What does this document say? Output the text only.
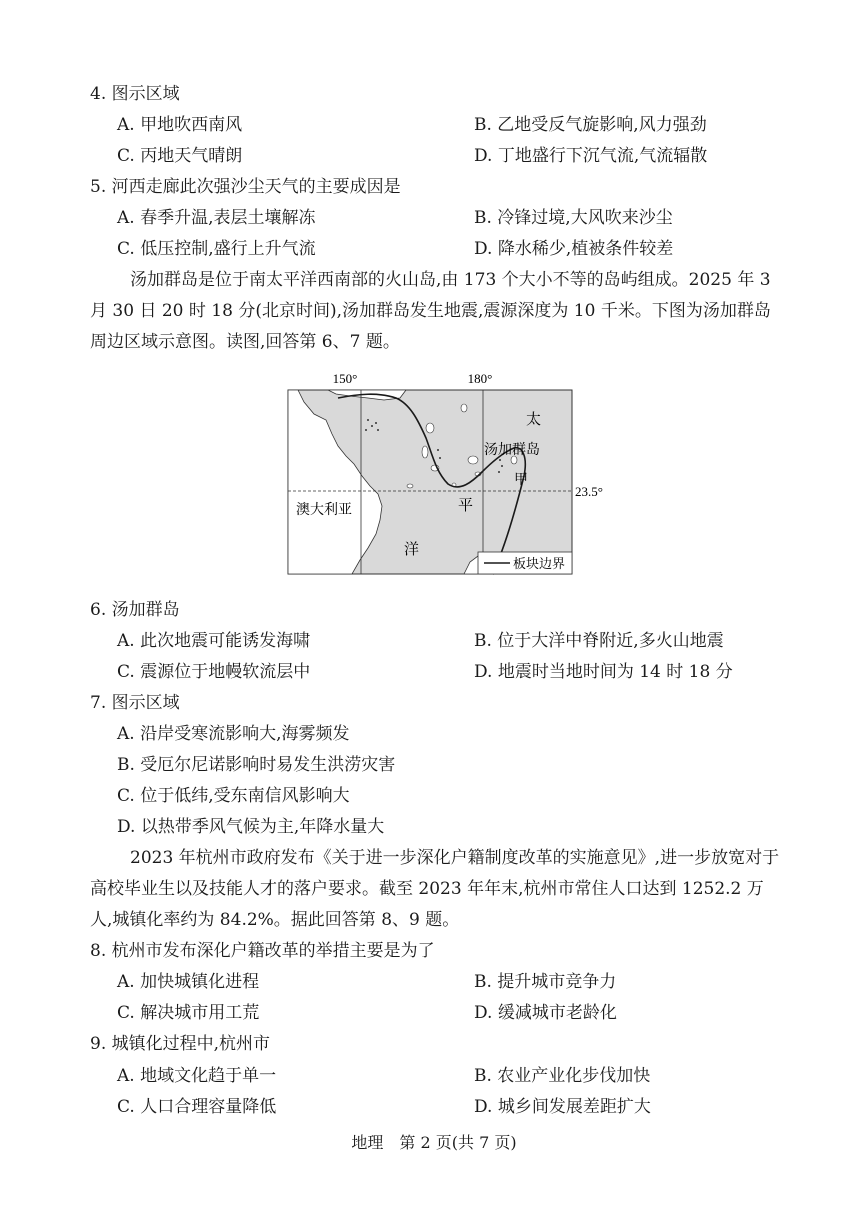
4. 图示区域
A. 甲地吹西南风	B. 乙地受反气旋影响,风力强劲
C. 丙地天气晴朗	D. 丁地盛行下沉气流,气流辐散
5. 河西走廊此次强沙尘天气的主要成因是
A. 春季升温,表层土壤解冻	B. 冷锋过境,大风吹来沙尘
C. 低压控制,盛行上升气流	D. 降水稀少,植被条件较差
汤加群岛是位于南太平洋西南部的火山岛,由 173 个大小不等的岛屿组成。2025 年 3
月 30 日 20 时 18 分(北京时间),汤加群岛发生地震,震源深度为 10 千米。下图为汤加群岛
周边区域示意图。读图,回答第 6、7 题。
150°	180°
太
汤加群岛
甲
平
澳大利亚
洋
板块边界
23.5°
6. 汤加群岛
A. 此次地震可能诱发海啸	B. 位于大洋中脊附近,多火山地震
C. 震源位于地幔软流层中	D. 地震时当地时间为 14 时 18 分
7. 图示区域
A. 沿岸受寒流影响大,海雾频发
B. 受厄尔尼诺影响时易发生洪涝灾害
C. 位于低纬,受东南信风影响大
D. 以热带季风气候为主,年降水量大
2023 年杭州市政府发布《关于进一步深化户籍制度改革的实施意见》,进一步放宽对于
高校毕业生以及技能人才的落户要求。截至 2023 年年末,杭州市常住人口达到 1252.2 万
人,城镇化率约为 84.2%。据此回答第 8、9 题。
8. 杭州市发布深化户籍改革的举措主要是为了
A. 加快城镇化进程	B. 提升城市竞争力
C. 解决城市用工荒	D. 缓减城市老龄化
9. 城镇化过程中,杭州市
A. 地域文化趋于单一	B. 农业产业化步伐加快
C. 人口合理容量降低	D. 城乡间发展差距扩大
地理　第 2 页(共 7 页)
